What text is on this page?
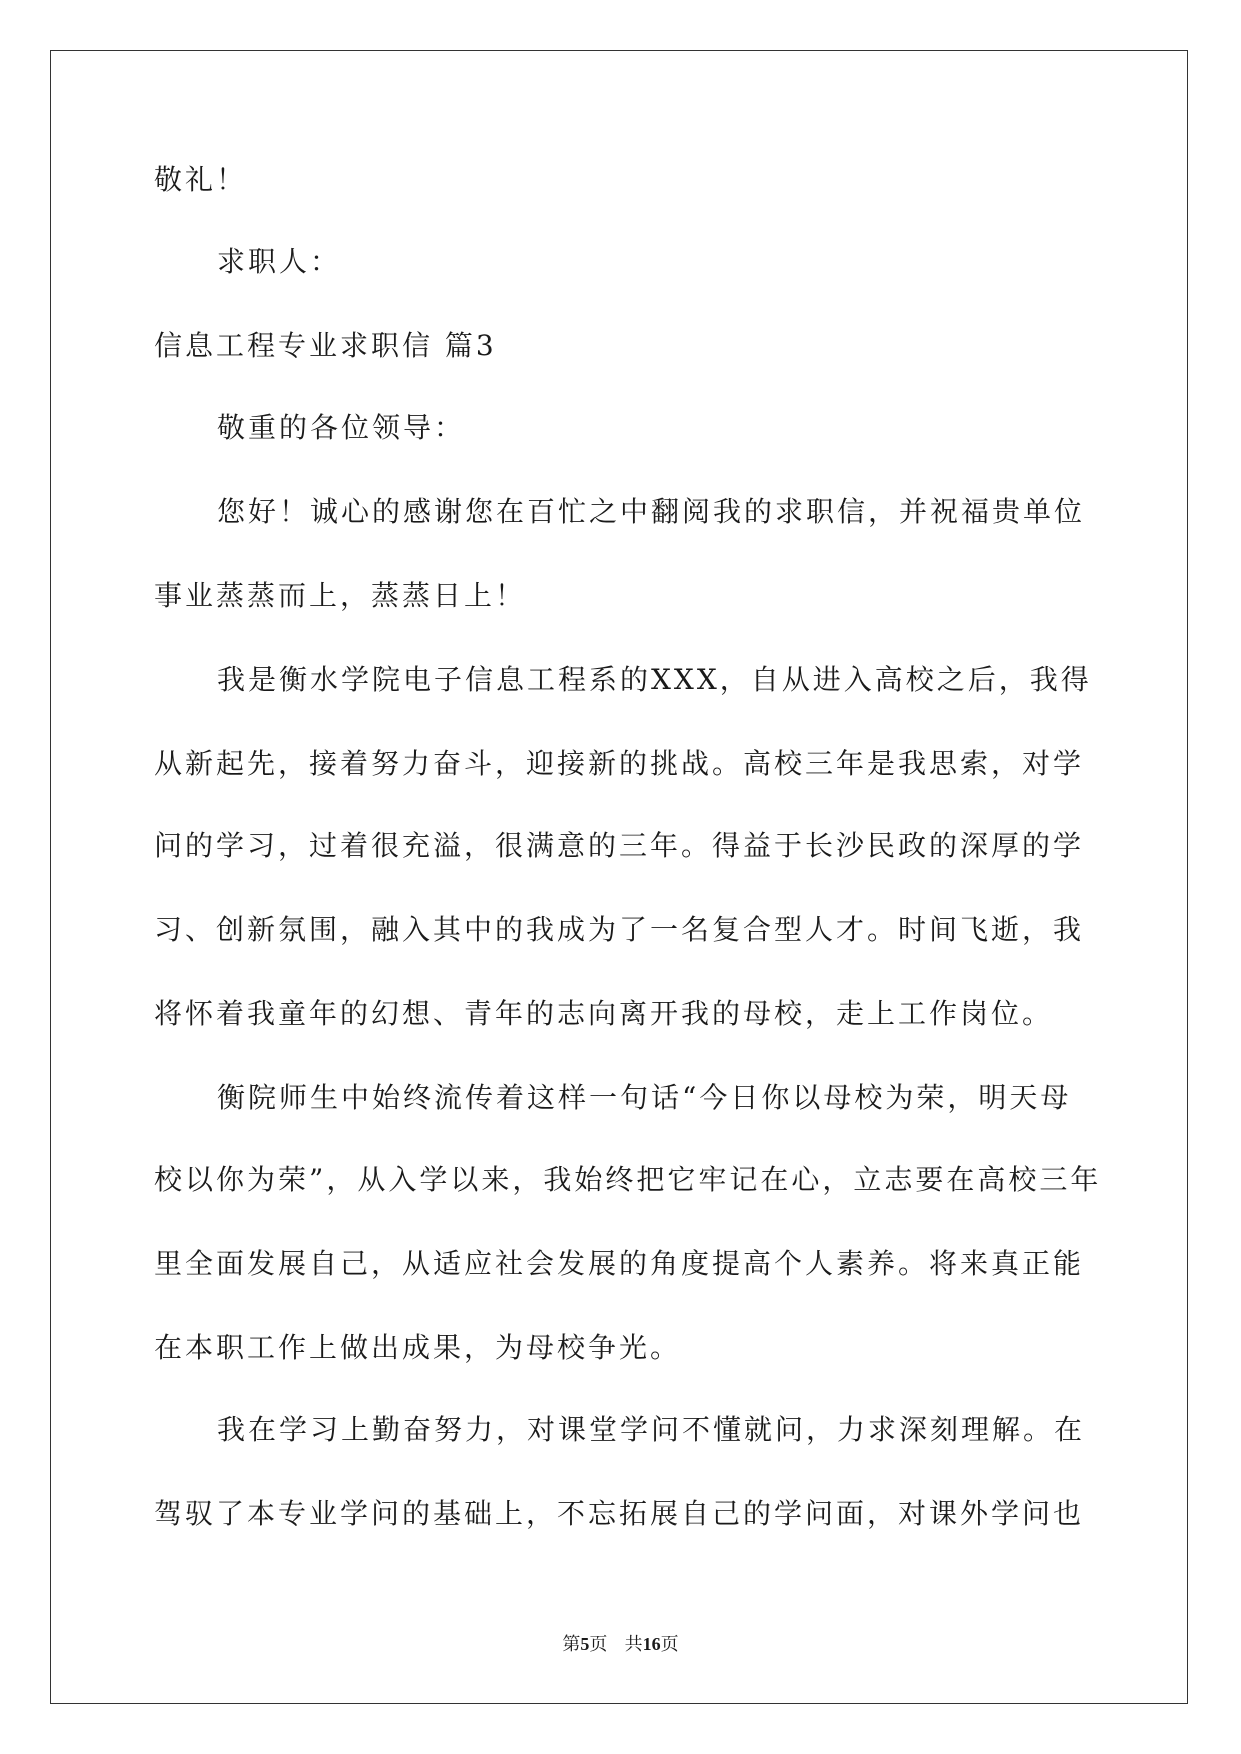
敬礼！
求职人：
信息工程专业求职信 篇3
敬重的各位领导：
您好！诚心的感谢您在百忙之中翻阅我的求职信，并祝福贵单位
事业蒸蒸而上，蒸蒸日上！
我是衡水学院电子信息工程系的XXX，自从进入高校之后，我得
从新起先，接着努力奋斗，迎接新的挑战。高校三年是我思索，对学
问的学习，过着很充溢，很满意的三年。得益于长沙民政的深厚的学
习、创新氛围，融入其中的我成为了一名复合型人才。时间飞逝，我
将怀着我童年的幻想、青年的志向离开我的母校，走上工作岗位。
衡院师生中始终流传着这样一句话“今日你以母校为荣，明天母
校以你为荣”，从入学以来，我始终把它牢记在心，立志要在高校三年
里全面发展自己，从适应社会发展的角度提高个人素养。将来真正能
在本职工作上做出成果，为母校争光。
我在学习上勤奋努力，对课堂学问不懂就问，力求深刻理解。在
驾驭了本专业学问的基础上，不忘拓展自己的学问面，对课外学问也
第5页 共16页
